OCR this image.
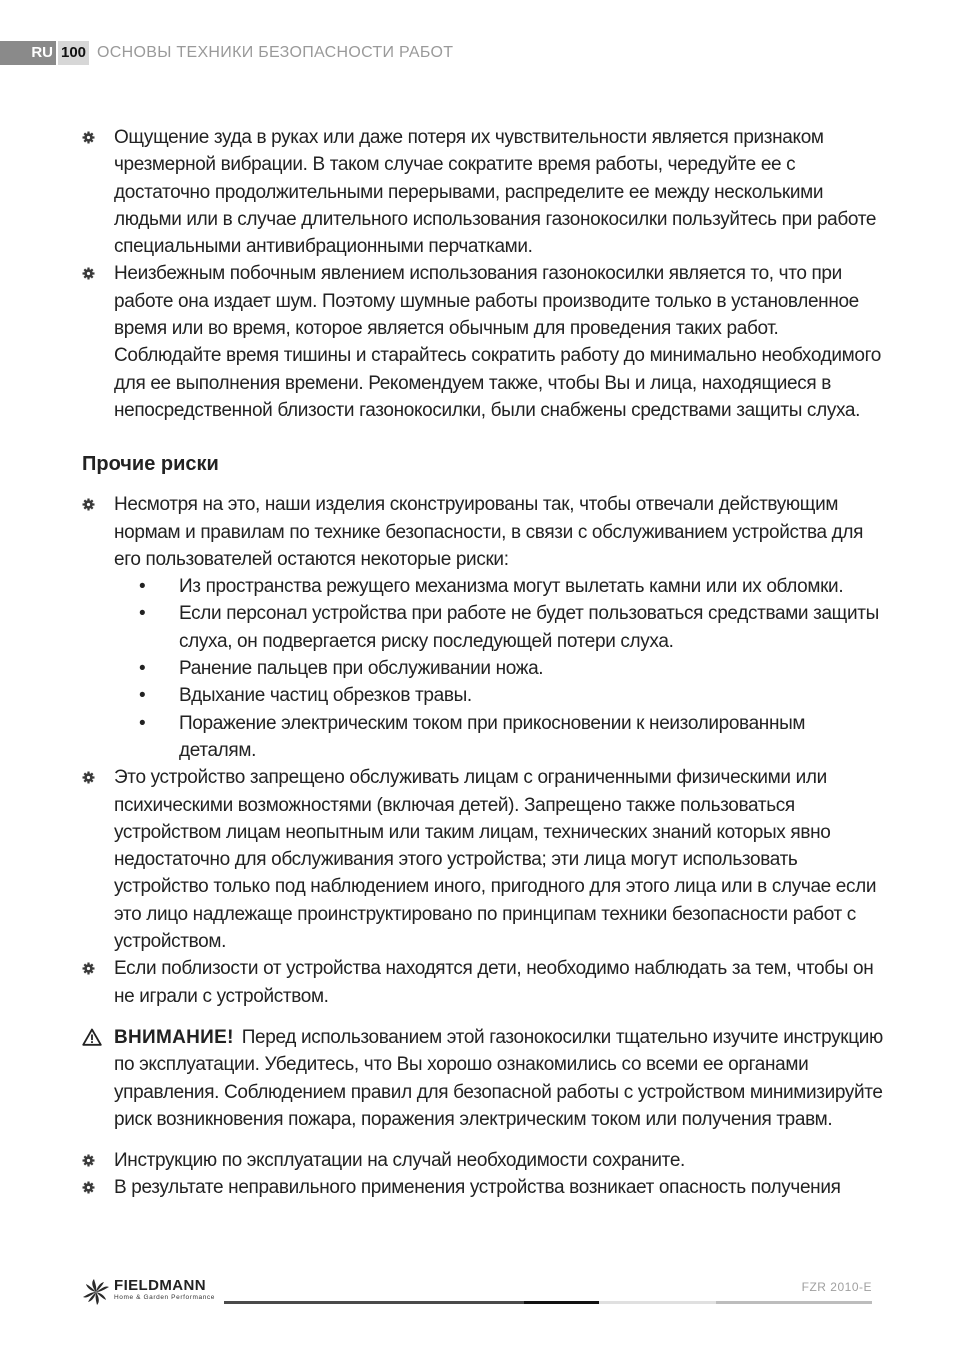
RU 100 ОСНОВЫ ТЕХНИКИ БЕЗОПАСНОСТИ РАБОТ
Ощущение зуда в руках или даже потеря их чувствительности является признаком чрезмерной вибрации. В таком случае сократите время работы, чередуйте ее с достаточно продолжительными перерывами, распределите ее между несколькими людьми или в случае длительного использования газонокосилки пользуйтесь при работе специальными антивибрационными перчатками.
Неизбежным побочным явлением использования газонокосилки является то, что при работе она издает шум. Поэтому шумные работы производите только в установленное время или во время, которое является обычным для проведения таких работ. Соблюдайте время тишины и старайтесь сократить работу до минимально необходимого для ее выполнения времени. Рекомендуем также, чтобы Вы и лица, находящиеся в непосредственной близости газонокосилки, были снабжены средствами защиты слуха.
Прочие риски
Несмотря на это, наши изделия сконструированы так, чтобы отвечали действующим нормам и правилам по технике безопасности, в связи с обслуживанием устройства для его пользователей остаются некоторые риски:
• Из пространства режущего механизма могут вылетать камни или их обломки.
• Если персонал устройства при работе не будет пользоваться средствами защиты слуха, он подвергается риску последующей потери слуха.
• Ранение пальцев при обслуживании ножа.
• Вдыхание частиц обрезков травы.
• Поражение электрическим током при прикосновении к неизолированным деталям.
Это устройство запрещено обслуживать лицам с ограниченными физическими или психическими возможностями (включая детей). Запрещено также пользоваться устройством лицам неопытным или таким лицам, технических знаний которых явно недостаточно для обслуживания этого устройства; эти лица могут использовать устройство только под наблюдением иного, пригодного для этого лица или в случае если это лицо надлежаще проинструктировано по принципам техники безопасности работ с устройством.
Если поблизости от устройства находятся дети, необходимо наблюдать за тем, чтобы он не играли с устройством.
ВНИМАНИЕ! Перед использованием этой газонокосилки тщательно изучите инструкцию по эксплуатации. Убедитесь, что Вы хорошо ознакомились со всеми ее органами управления. Соблюдением правил для безопасной работы с устройством минимизируйте риск возникновения пожара, поражения электрическим током или получения травм.
Инструкцию по эксплуатации на случай необходимости сохраните.
В результате неправильного применения устройства возникает опасность получения
FIELDMANN
Home & Garden Performance
FZR 2010-E
